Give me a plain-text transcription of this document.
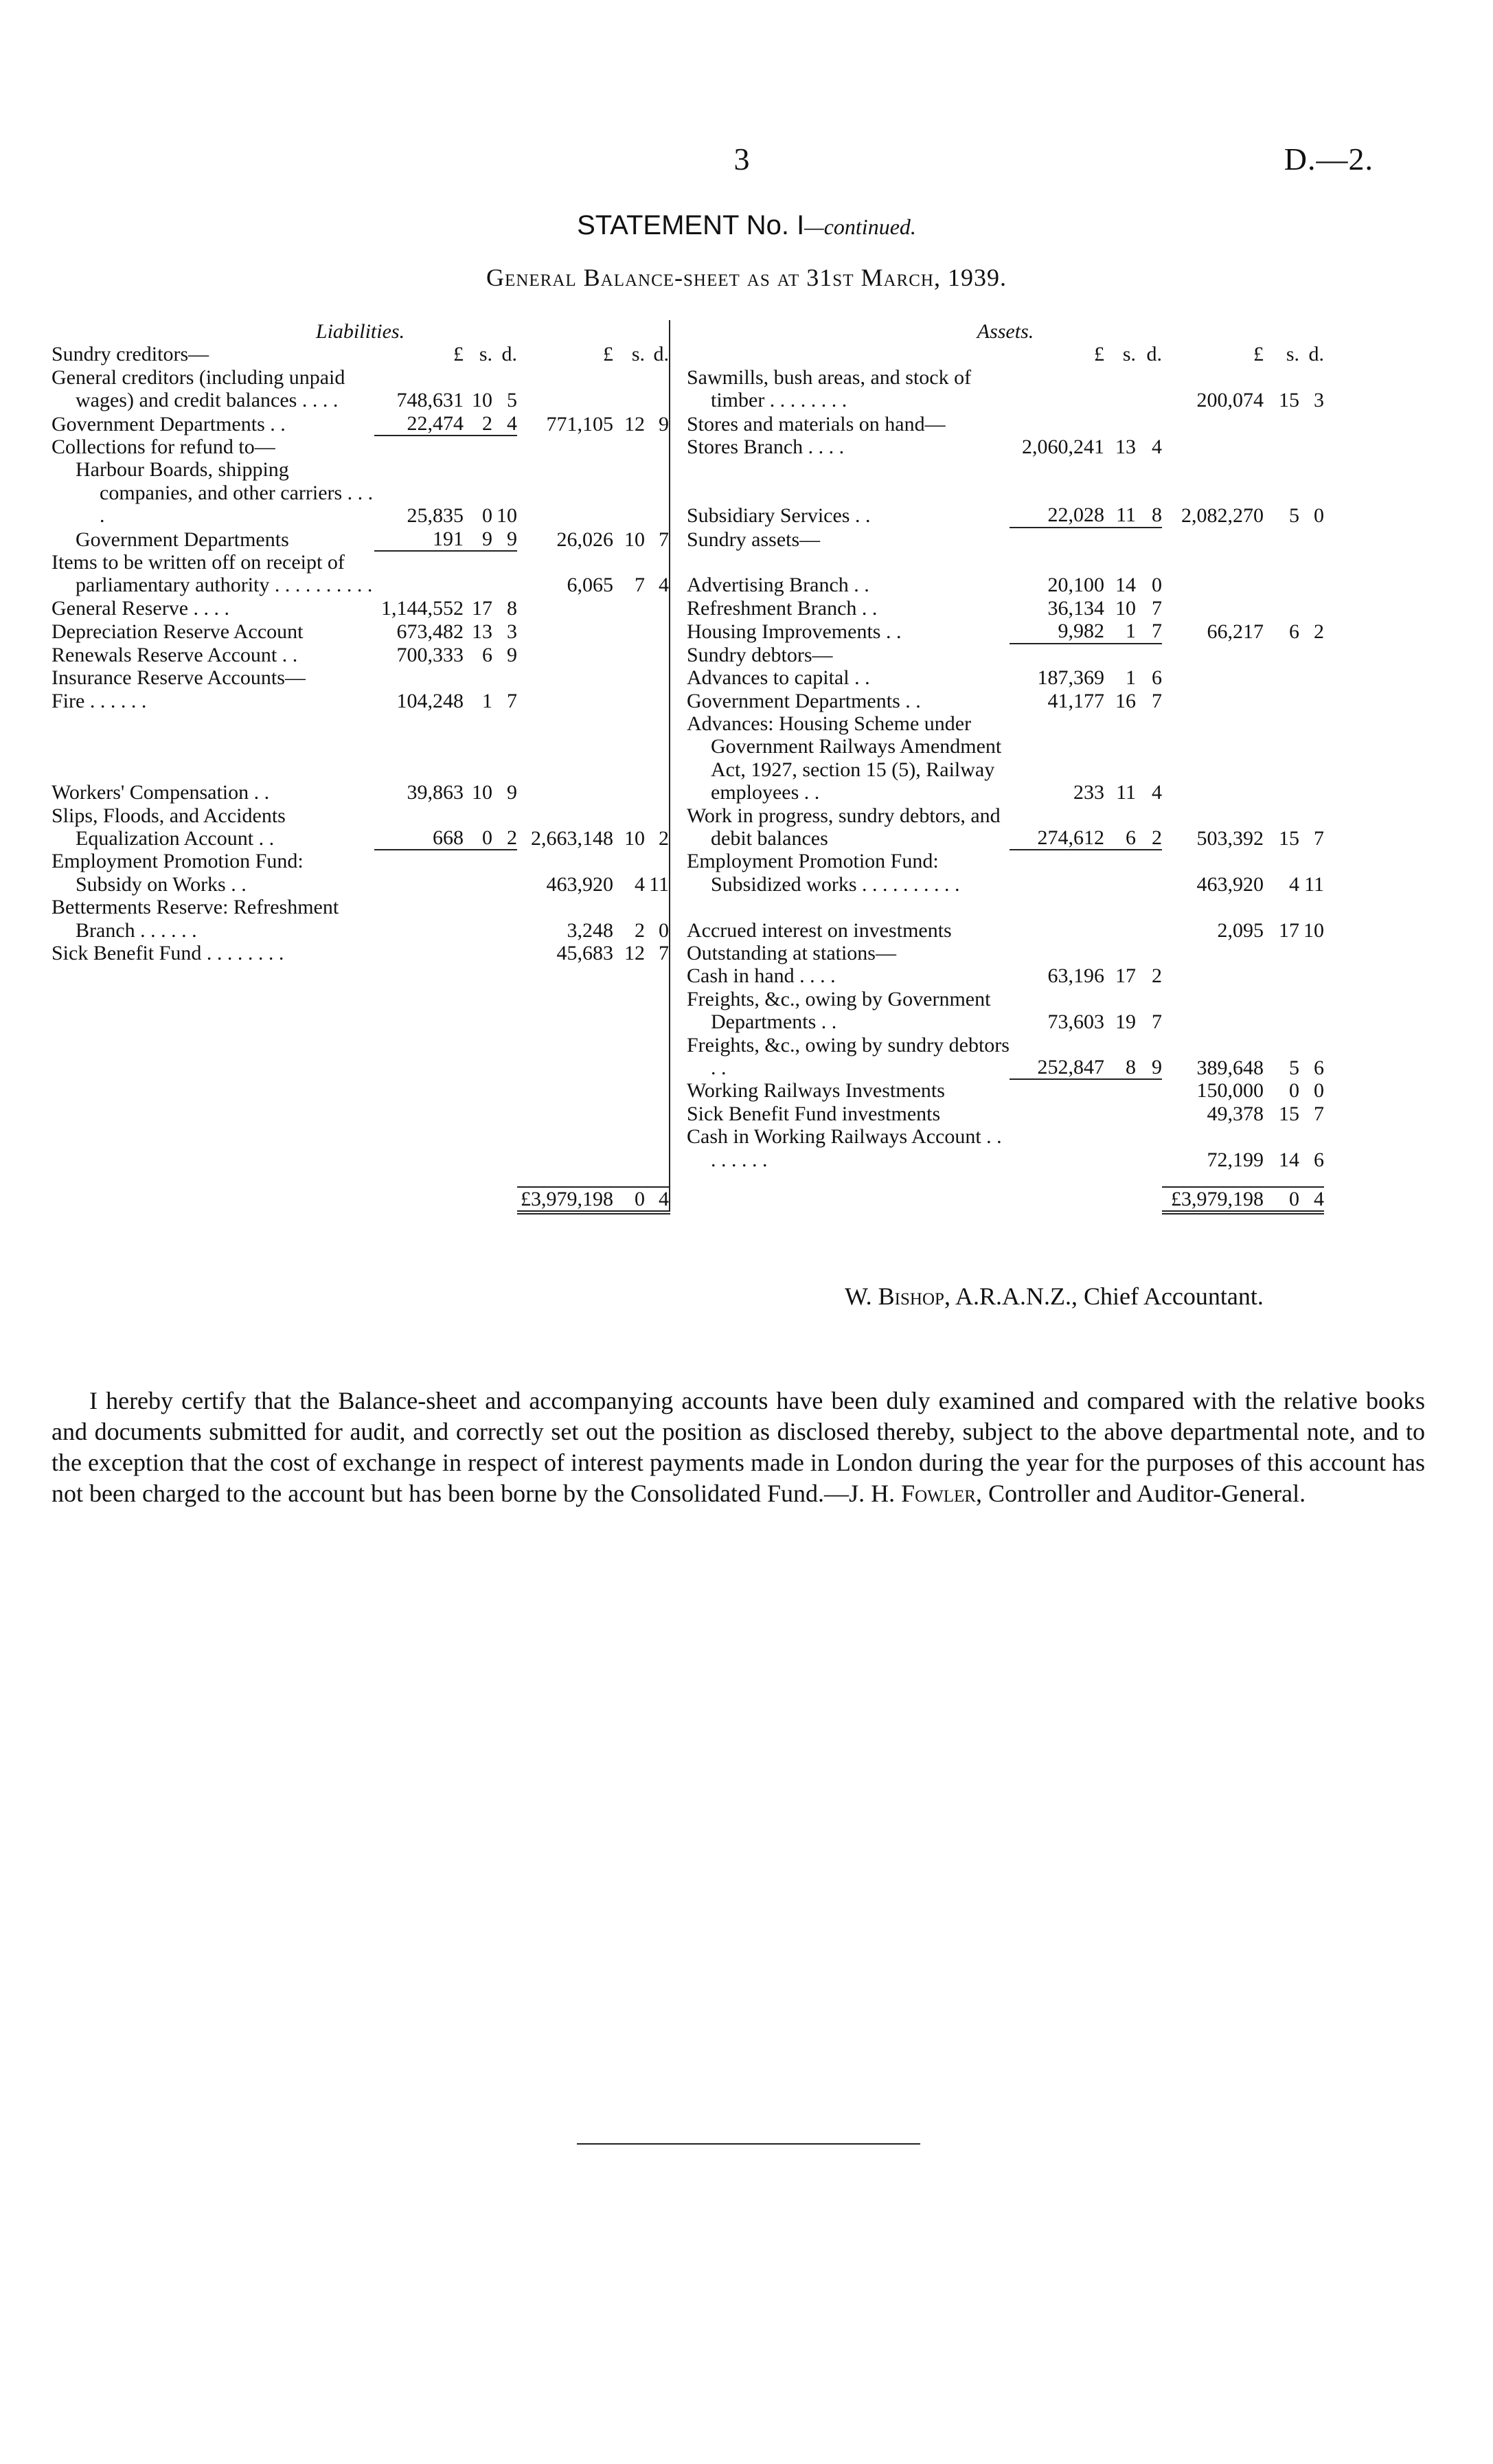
3	D.—2.
STATEMENT No. I—continued.
General Balance-sheet as at 31st March, 1939.
Liabilities.								Assets.						
Sundry creditors—	£	s.	d.	£	s.	d.			£	s.	d.	£	s.	d.
General creditors (including unpaid wages) and credit balances . . . .	748,631	10	5					Sawmills, bush areas, and stock of timber . . . . . . . .				200,074	15	3
Government Departments . .	22,474	2	4	771,105	12	9		Stores and materials on hand—						
Collections for refund to—								Stores Branch . . . .	2,060,241	13	4			
Harbour Boards, shipping companies, and other carriers . . . .	25,835	0	10					Subsidiary Services . .	22,028	11	8	2,082,270	5	0
Government Departments	191	9	9	26,026	10	7		Sundry assets—						
Items to be written off on receipt of parliamentary authority . . . . . . . . . .				6,065	7	4		Advertising Branch . .	20,100	14	0			
General Reserve . . . .	1,144,552	17	8					Refreshment Branch . .	36,134	10	7			
Depreciation Reserve Account	673,482	13	3					Housing Improvements . .	9,982	1	7	66,217	6	2
Renewals Reserve Account . .	700,333	6	9					Sundry debtors—						
Insurance Reserve Accounts—								Advances to capital . .	187,369	1	6			
Fire . . . . . .	104,248	1	7					Government Departments . .	41,177	16	7			
Workers' Compensation . .	39,863	10	9					Advances: Housing Scheme under Government Railways Amendment Act, 1927, section 15 (5), Railway employees . .	233	11	4			
Slips, Floods, and Accidents Equalization Account . .	668	0	2	2,663,148	10	2		Work in progress, sundry debtors, and debit balances	274,612	6	2	503,392	15	7
Employment Promotion Fund: Subsidy on Works . .				463,920	4	11		Employment Promotion Fund: Subsidized works . . . . . . . . . .				463,920	4	11
Betterments Reserve: Refreshment Branch . . . . . .				3,248	2	0		Accrued interest on investments				2,095	17	10
Sick Benefit Fund . . . . . . . .				45,683	12	7		Outstanding at stations—						
								Cash in hand . . . .	63,196	17	2			
								Freights, &c., owing by Government Departments . .	73,603	19	7			
								Freights, &c., owing by sundry debtors . .	252,847	8	9	389,648	5	6
								Working Railways Investments				150,000	0	0
								Sick Benefit Fund investments				49,378	15	7
								Cash in Working Railways Account . . . . . . . .				72,199	14	6

				£3,979,198	0	4						£3,979,198	0	4
W. Bishop, A.R.A.N.Z., Chief Accountant.
I hereby certify that the Balance-sheet and accompanying accounts have been duly examined and compared with the relative books and documents submitted for audit, and correctly set out the position as disclosed thereby, subject to the above departmental note, and to the exception that the cost of exchange in respect of interest payments made in London during the year for the purposes of this account has not been charged to the account but has been borne by the Consolidated Fund.—J. H. Fowler, Controller and Auditor-General.
